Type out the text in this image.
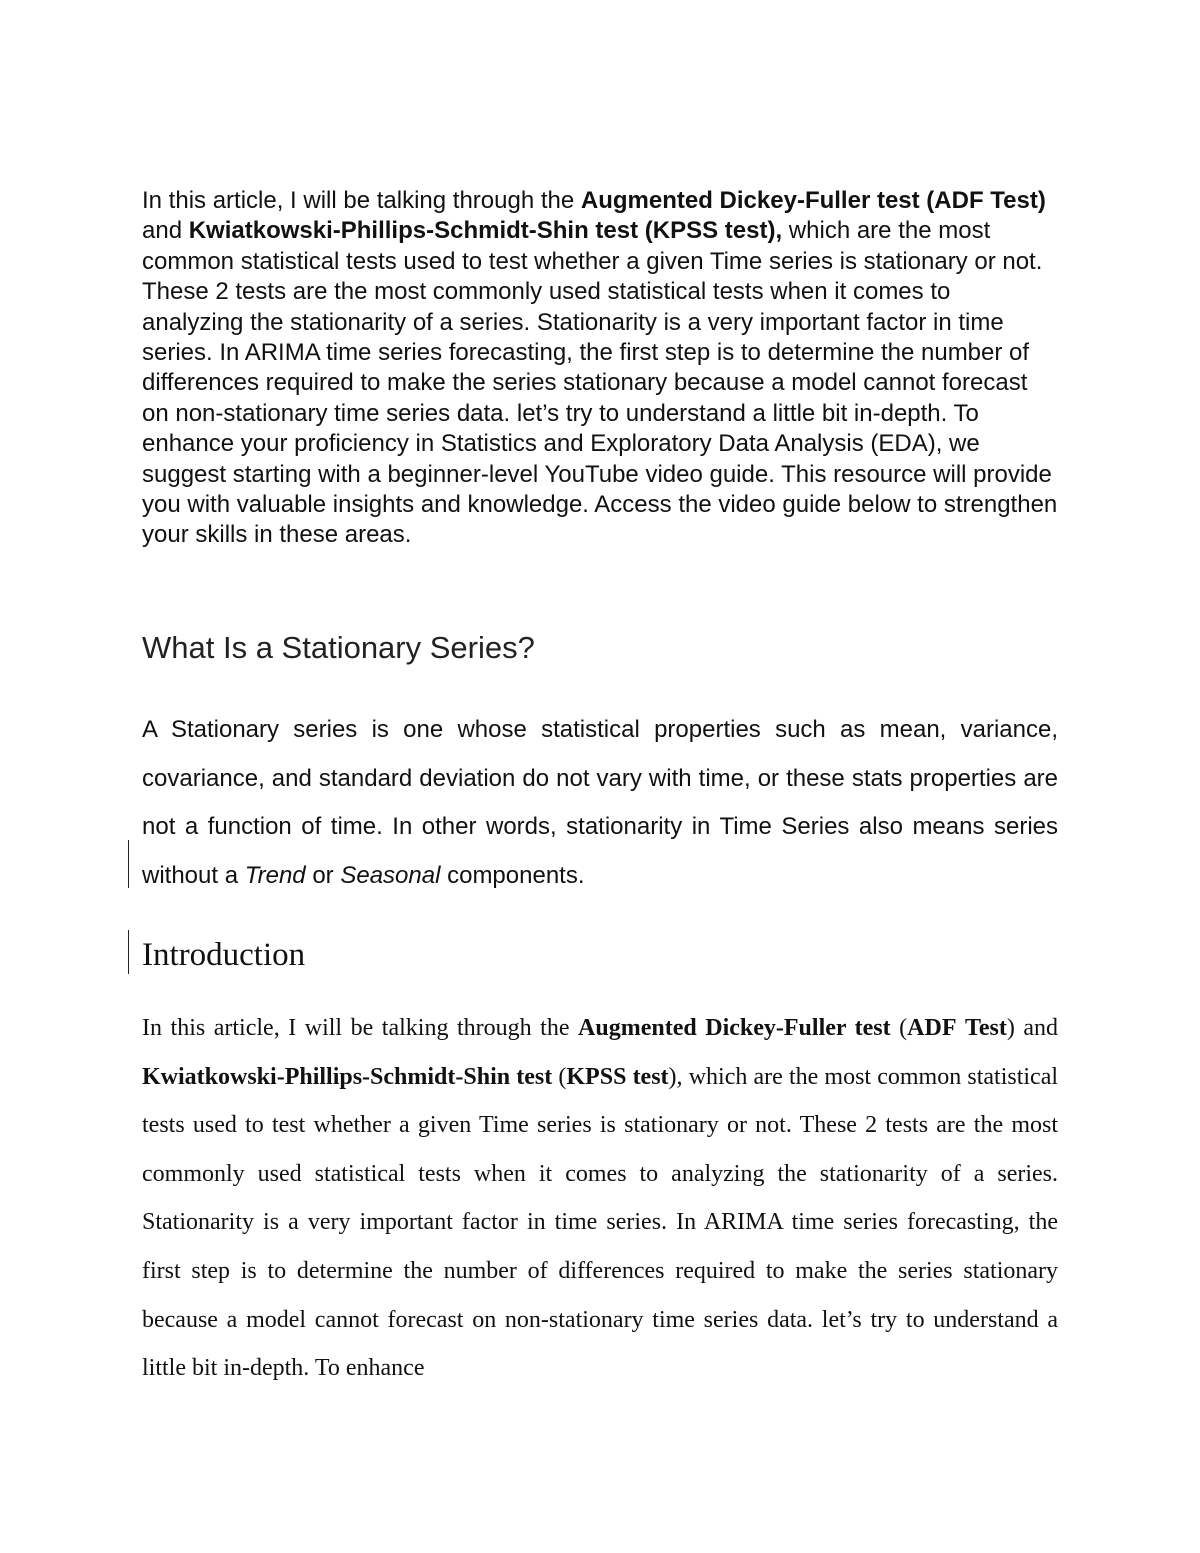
In this article, I will be talking through the Augmented Dickey-Fuller test (ADF Test) and Kwiatkowski-Phillips-Schmidt-Shin test (KPSS test), which are the most common statistical tests used to test whether a given Time series is stationary or not. These 2 tests are the most commonly used statistical tests when it comes to analyzing the stationarity of a series. Stationarity is a very important factor in time series. In ARIMA time series forecasting, the first step is to determine the number of differences required to make the series stationary because a model cannot forecast on non-stationary time series data. let’s try to understand a little bit in-depth. To enhance your proficiency in Statistics and Exploratory Data Analysis (EDA), we suggest starting with a beginner-level YouTube video guide. This resource will provide you with valuable insights and knowledge. Access the video guide below to strengthen your skills in these areas.

What Is a Stationary Series?

A Stationary series is one whose statistical properties such as mean, variance, covariance, and standard deviation do not vary with time, or these stats properties are not a function of time. In other words, stationarity in Time Series also means series without a Trend or Seasonal components.

Introduction

In this article, I will be talking through the Augmented Dickey-Fuller test (ADF Test) and Kwiatkowski-Phillips-Schmidt-Shin test (KPSS test), which are the most common statistical tests used to test whether a given Time series is stationary or not. These 2 tests are the most commonly used statistical tests when it comes to analyzing the stationarity of a series. Stationarity is a very important factor in time series. In ARIMA time series forecasting, the first step is to determine the number of differences required to make the series stationary because a model cannot forecast on non-stationary time series data. let’s try to understand a little bit in-depth. To enhance
